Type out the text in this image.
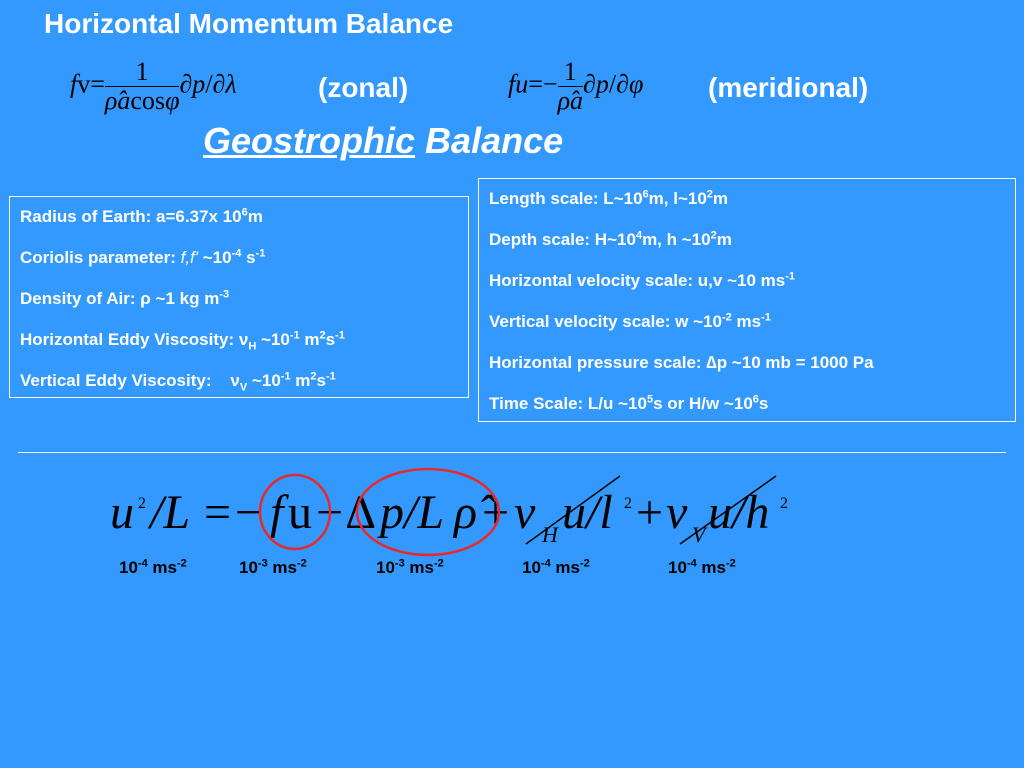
Horizontal Momentum Balance
$fv= \frac{1}{\rhôacos\varphi} \partial p/\partial\lambda$	(zonal)	$fu=- \frac{1}{\rhôa} \partial p/\partial\varphi$ (meridional)
Geostrophic Balance
Radius of Earth: a=6.37x $10^6m$
Coriolis parameter: f,f' $\sim 10^{-4}$ $s^{-1}$
Density of Air: ρ ~1 kg $m^{-3}$
Horizontal Eddy Viscosity: $\nu_H$ $\sim 10^{-1}$ $m^2s^{-1}$
Vertical Eddy Viscosity:    $\nu_V$ $\sim 10^{-1}$ $m^2s^{-1}$
Length scale: $L\sim 10^6m$, $l\sim 10^2m$
Depth scale: $H\sim 10^4m$, h $\sim 10^2m$
Horizontal velocity scale: u,v ~10 $ms^{-1}$
Vertical velocity scale: w $\sim 10^{-2}$ $ms^{-1}$
Horizontal pressure scale: ∆p ~10 mb = 1000 Pa
Time Scale: L/u $\sim 10^5s$ or H/w $\sim 10^6s$
u 2 /L = − f u − ∆ p/L ρ̂ + ν H u/l 2 + ν V u/h 2
$10^{-4}$ $ms^{-2}$	$10^{-3}$ $ms^{-2}$	$10^{-3}$ $ms^{-2}$	$10^{-4}$ $ms^{-2}$	$10^{-4}$ $ms^{-2}$
